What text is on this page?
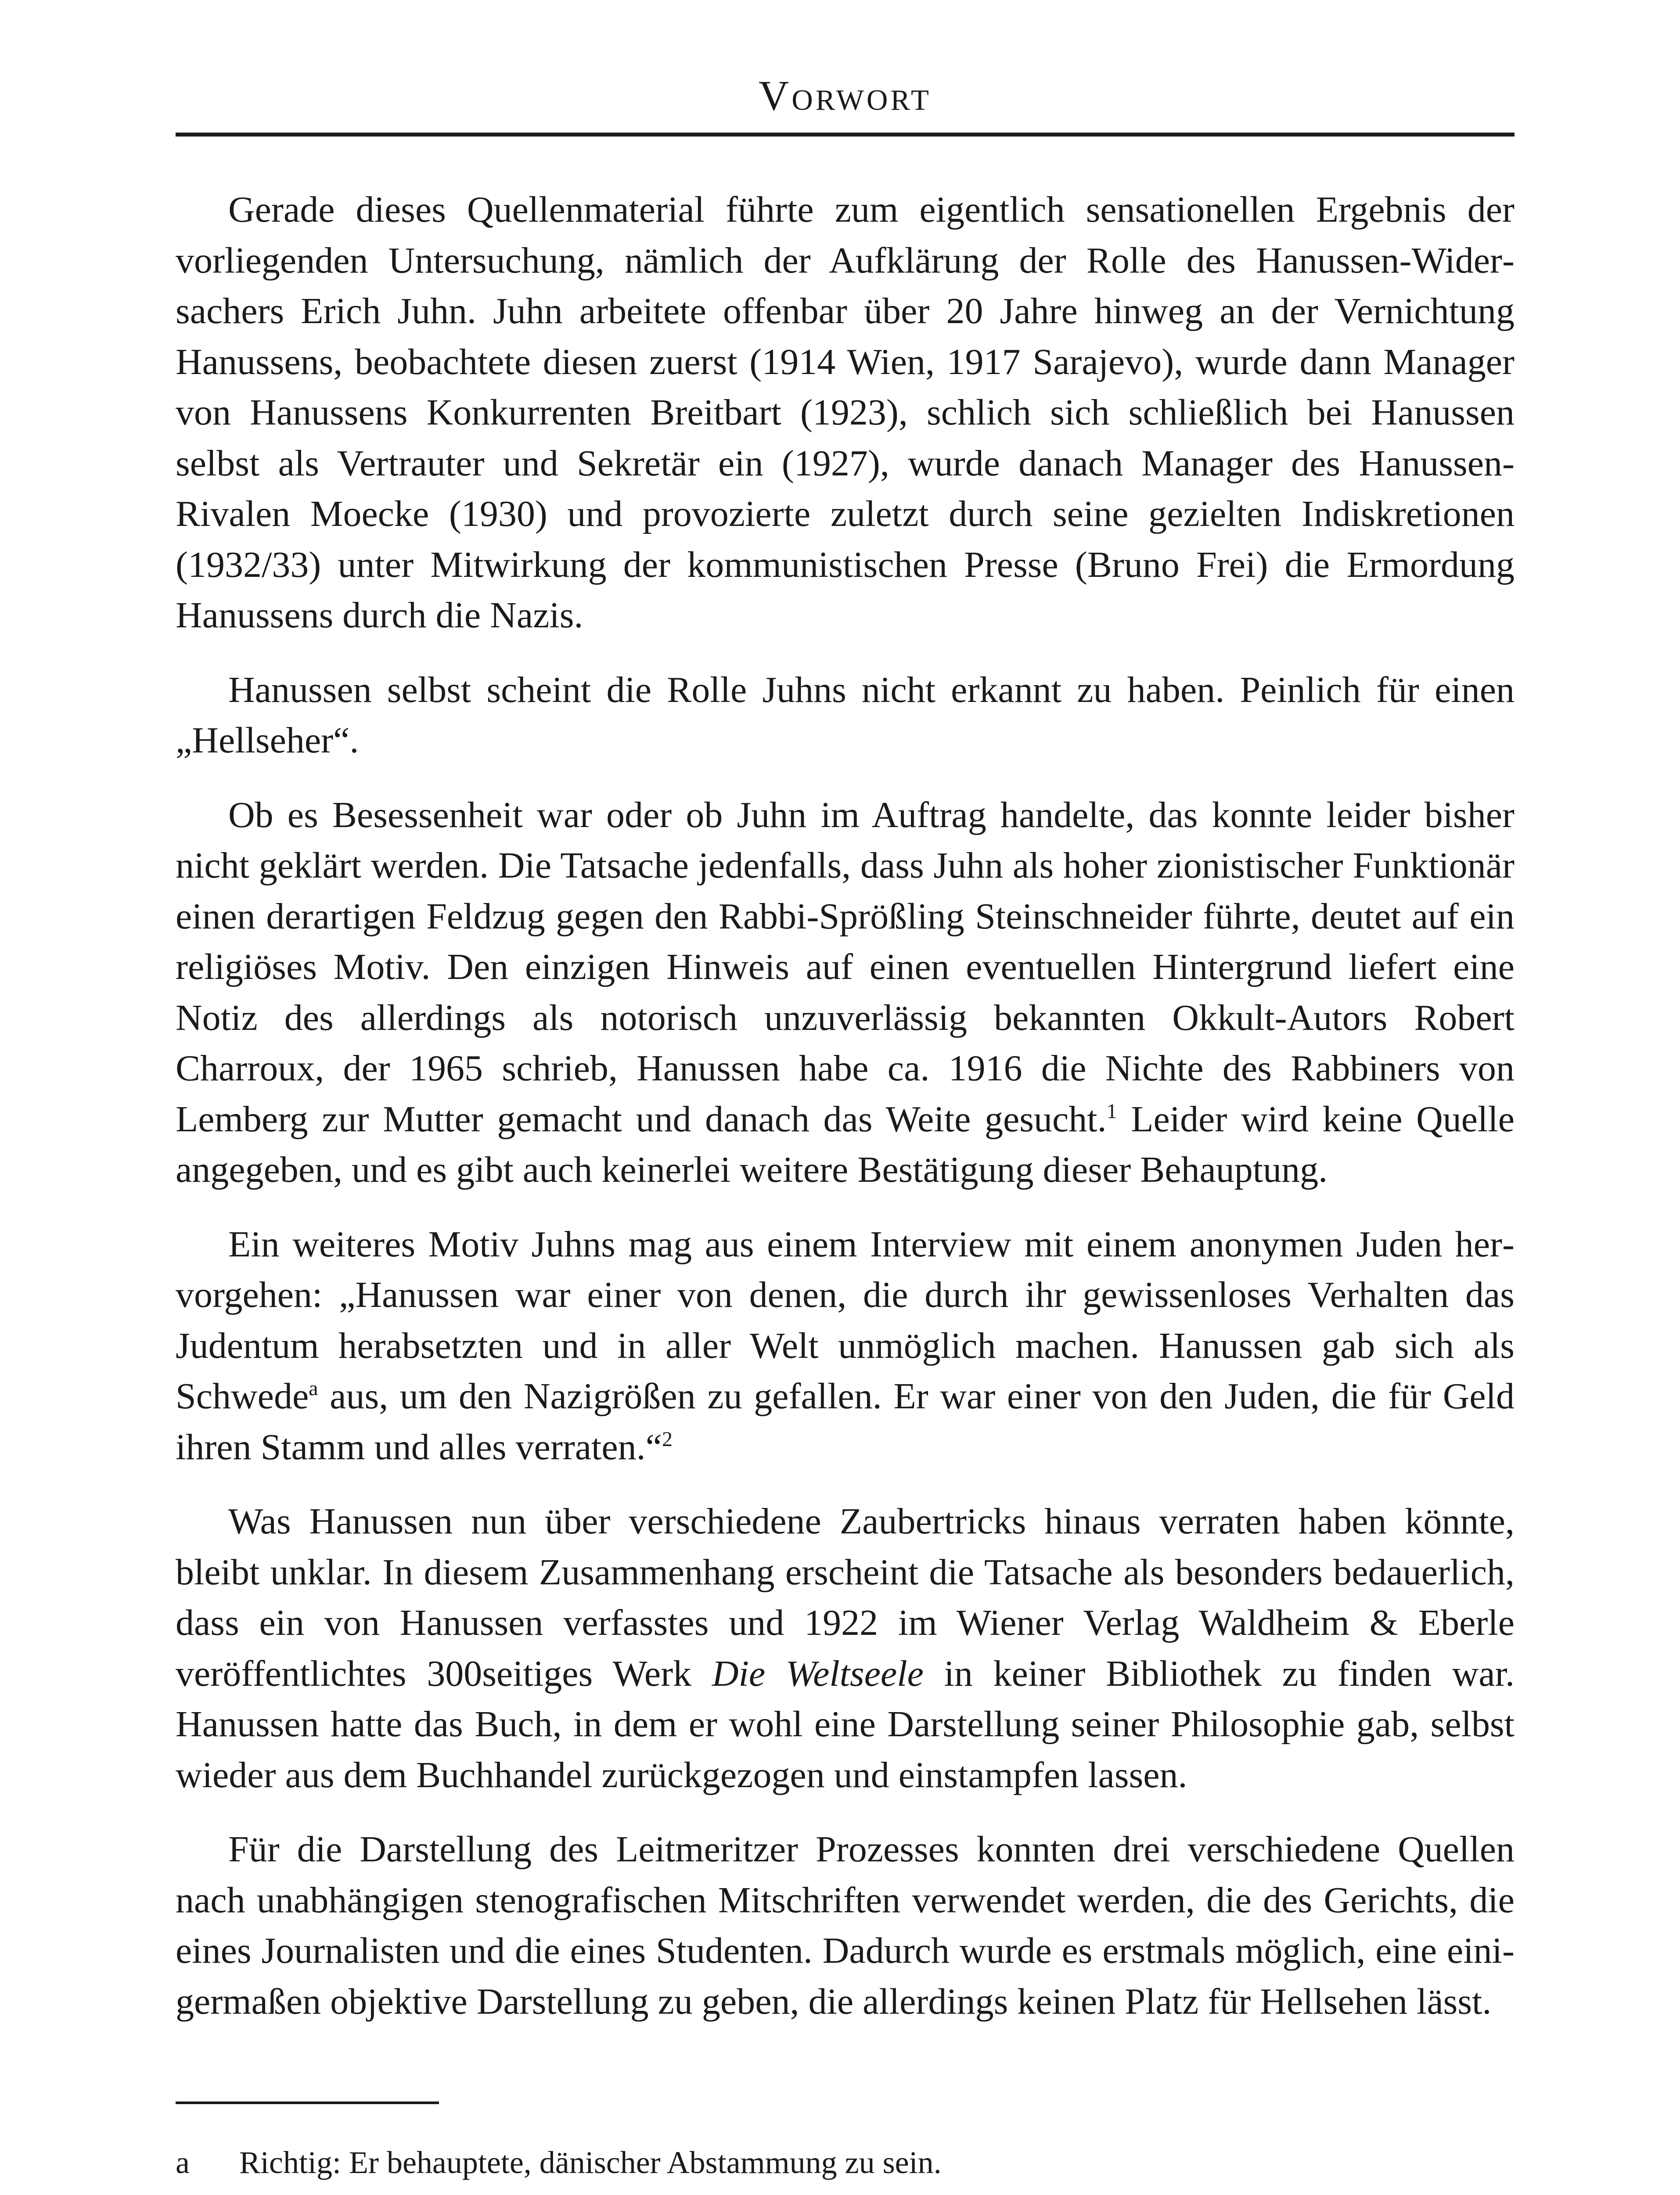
Vorwort

Gerade dieses Quellenmaterial führte zum eigentlich sensationellen Ergebnis der vorliegenden Untersuchung, nämlich der Aufklärung der Rolle des Hanussen-Widersachers Erich Juhn. Juhn arbeitete offenbar über 20 Jahre hinweg an der Vernichtung Hanussens, beobachtete diesen zuerst (1914 Wien, 1917 Sarajevo), wurde dann Manager von Hanussens Konkurrenten Breitbart (1923), schlich sich schließlich bei Hanussen selbst als Vertrauter und Sekretär ein (1927), wurde danach Manager des Hanussen-Rivalen Moecke (1930) und provozierte zuletzt durch seine gezielten Indiskretionen (1932/33) unter Mitwirkung der kommunistischen Presse (Bruno Frei) die Ermordung Hanussens durch die Nazis.

Hanussen selbst scheint die Rolle Juhns nicht erkannt zu haben. Peinlich für einen „Hellseher“.

Ob es Besessenheit war oder ob Juhn im Auftrag handelte, das konnte leider bisher nicht geklärt werden. Die Tatsache jedenfalls, dass Juhn als hoher zionistischer Funktionär einen derartigen Feldzug gegen den Rabbi-Sprößling Steinschneider führte, deutet auf ein religiöses Motiv. Den einzigen Hinweis auf einen eventuellen Hintergrund liefert eine Notiz des allerdings als notorisch unzuverlässig bekannten Okkult-Autors Robert Charroux, der 1965 schrieb, Hanussen habe ca. 1916 die Nichte des Rabbiners von Lemberg zur Mutter gemacht und danach das Weite gesucht.$^1$ Leider wird keine Quelle angegeben, und es gibt auch keinerlei weitere Bestätigung dieser Behauptung.

Ein weiteres Motiv Juhns mag aus einem Interview mit einem anonymen Juden hervorgehen: „Hanussen war einer von denen, die durch ihr gewissenloses Verhalten das Judentum herabsetzten und in aller Welt unmöglich machen. Hanussen gab sich als Schwede$^a$ aus, um den Nazigrößen zu gefallen. Er war einer von den Juden, die für Geld ihren Stamm und alles verraten.“$^2$

Was Hanussen nun über verschiedene Zaubertricks hinaus verraten haben könnte, bleibt unklar. In diesem Zusammenhang erscheint die Tatsache als besonders bedauerlich, dass ein von Hanussen verfasstes und 1922 im Wiener Verlag Waldheim & Eberle veröffentlichtes 300seitiges Werk Die Weltseele in keiner Bibliothek zu finden war. Hanussen hatte das Buch, in dem er wohl eine Darstellung seiner Philosophie gab, selbst wieder aus dem Buchhandel zurückgezogen und einstampfen lassen.

Für die Darstellung des Leitmeritzer Prozesses konnten drei verschiedene Quellen nach unabhängigen stenografischen Mitschriften verwendet werden, die des Gerichts, die eines Journalisten und die eines Studenten. Dadurch wurde es erstmals möglich, eine einigermaßen objektive Darstellung zu geben, die allerdings keinen Platz für Hellsehen lässt.

a Richtig: Er behauptete, dänischer Abstammung zu sein.
